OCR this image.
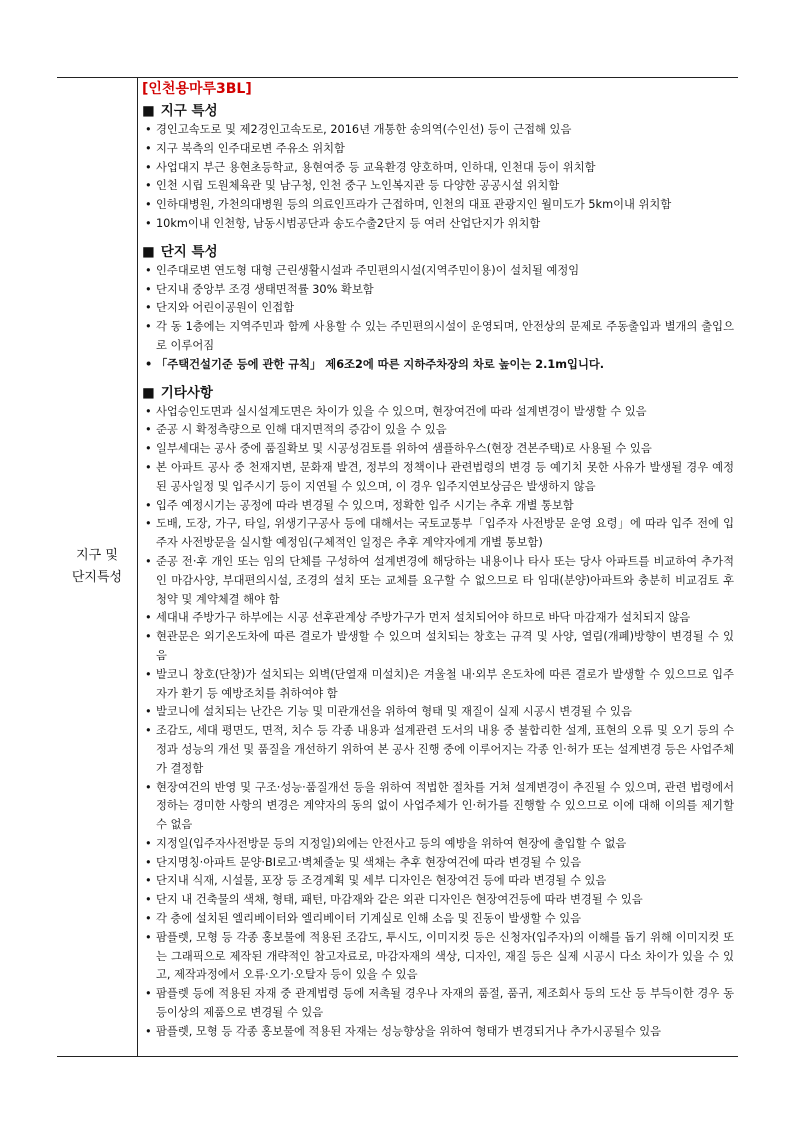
지구 및
단지특성
[인천용마루3BL]
■ 지구 특성
• 경인고속도로 및 제2경인고속도로, 2016년 개통한 송의역(수인선) 등이 근접해 있음
• 지구 북측의 인주대로변 주유소 위치함
• 사업대지 부근 용현초등학교, 용현여중 등 교육환경 양호하며, 인하대, 인천대 등이 위치함
• 인천 시립 도원체육관 및 남구청, 인천 중구 노인복지관 등 다양한 공공시설 위치함
• 인하대병원, 가천의대병원 등의 의료인프라가 근접하며, 인천의 대표 관광지인 월미도가 5km이내 위치함
• 10km이내 인천항, 남동시범공단과 송도수출2단지 등 여러 산업단지가 위치함
■ 단지 특성
• 인주대로변 연도형 대형 근린생활시설과 주민편의시설(지역주민이용)이 설치될 예정임
• 단지내 중앙부 조경 생태면적률 30% 확보함
• 단지와 어린이공원이 인접함
• 각 동 1층에는 지역주민과 함께 사용할 수 있는 주민편의시설이 운영되며, 안전상의 문제로 주동출입과 별개의 출입으로 이루어짐
• 「주택건설기준 등에 관한 규칙」 제6조2에 따른 지하주차장의 차로 높이는 2.1m입니다.
■ 기타사항
• 사업승인도면과 실시설계도면은 차이가 있을 수 있으며, 현장여건에 따라 설계변경이 발생할 수 있음
• 준공 시 확정측량으로 인해 대지면적의 증감이 있을 수 있음
• 일부세대는 공사 중에 품질확보 및 시공성검토를 위하여 샘플하우스(현장 견본주택)로 사용될 수 있음
• 본 아파트 공사 중 천재지변, 문화재 발견, 정부의 정책이나 관련법령의 변경 등 예기치 못한 사유가 발생될 경우 예정된 공사일정 및 입주시기 등이 지연될 수 있으며, 이 경우 입주지연보상금은 발생하지 않음
• 입주 예정시기는 공정에 따라 변경될 수 있으며, 정확한 입주 시기는 추후 개별 통보함
• 도배, 도장, 가구, 타일, 위생기구공사 등에 대해서는 국토교통부「입주자 사전방문 운영 요령」에 따라 입주 전에 입주자 사전방문을 실시할 예정임(구체적인 일정은 추후 계약자에게 개별 통보함)
• 준공 전·후 개인 또는 임의 단체를 구성하여 설계변경에 해당하는 내용이나 타사 또는 당사 아파트를 비교하여 추가적인 마감사양, 부대편의시설, 조경의 설치 또는 교체를 요구할 수 없으므로 타 임대(분양)아파트와 충분히 비교검토 후 청약 및 계약체결 해야 함
• 세대내 주방가구 하부에는 시공 선후관계상 주방가구가 먼저 설치되어야 하므로 바닥 마감재가 설치되지 않음
• 현관문은 외기온도차에 따른 결로가 발생할 수 있으며 설치되는 창호는 규격 및 사양, 열림(개폐)방향이 변경될 수 있음
• 발코니 창호(단창)가 설치되는 외벽(단열재 미설치)은 겨울철 내·외부 온도차에 따른 결로가 발생할 수 있으므로 입주자가 환기 등 예방조치를 취하여야 함
• 발코니에 설치되는 난간은 기능 및 미관개선을 위하여 형태 및 재질이 실제 시공시 변경될 수 있음
• 조감도, 세대 평면도, 면적, 치수 등 각종 내용과 설계관련 도서의 내용 중 불합리한 설계, 표현의 오류 및 오기 등의 수정과 성능의 개선 및 품질을 개선하기 위하여 본 공사 진행 중에 이루어지는 각종 인·허가 또는 설계변경 등은 사업주체가 결정함
• 현장여건의 반영 및 구조·성능·품질개선 등을 위하여 적법한 절차를 거쳐 설계변경이 추진될 수 있으며, 관련 법령에서 정하는 경미한 사항의 변경은 계약자의 동의 없이 사업주체가 인·허가를 진행할 수 있으므로 이에 대해 이의를 제기할 수 없음
• 지정일(입주자사전방문 등의 지정일)외에는 안전사고 등의 예방을 위하여 현장에 출입할 수 없음
• 단지명칭·아파트 문양·BI로고·벽체줄눈 및 색채는 추후 현장여건에 따라 변경될 수 있음
• 단지내 식재, 시설물, 포장 등 조경계획 및 세부 디자인은 현장여건 등에 따라 변경될 수 있음
• 단지 내 건축물의 색채, 형태, 패턴, 마감재와 같은 외관 디자인은 현장여건등에 따라 변경될 수 있음
• 각 층에 설치된 엘리베이터와 엘리베이터 기계실로 인해 소음 및 진동이 발생할 수 있음
• 팜플렛, 모형 등 각종 홍보물에 적용된 조감도, 투시도, 이미지컷 등은 신청자(입주자)의 이해를 돕기 위해 이미지컷 또는 그래픽으로 제작된 개략적인 참고자료로, 마감자재의 색상, 디자인, 재질 등은 실제 시공시 다소 차이가 있을 수 있고, 제작과정에서 오류·오기·오탈자 등이 있을 수 있음
• 팜플렛 등에 적용된 자재 중 관계법령 등에 저촉될 경우나 자재의 품절, 품귀, 제조회사 등의 도산 등 부득이한 경우 동등이상의 제품으로 변경될 수 있음
• 팜플렛, 모형 등 각종 홍보물에 적용된 자재는 성능향상을 위하여 형태가 변경되거나 추가시공될수 있음
